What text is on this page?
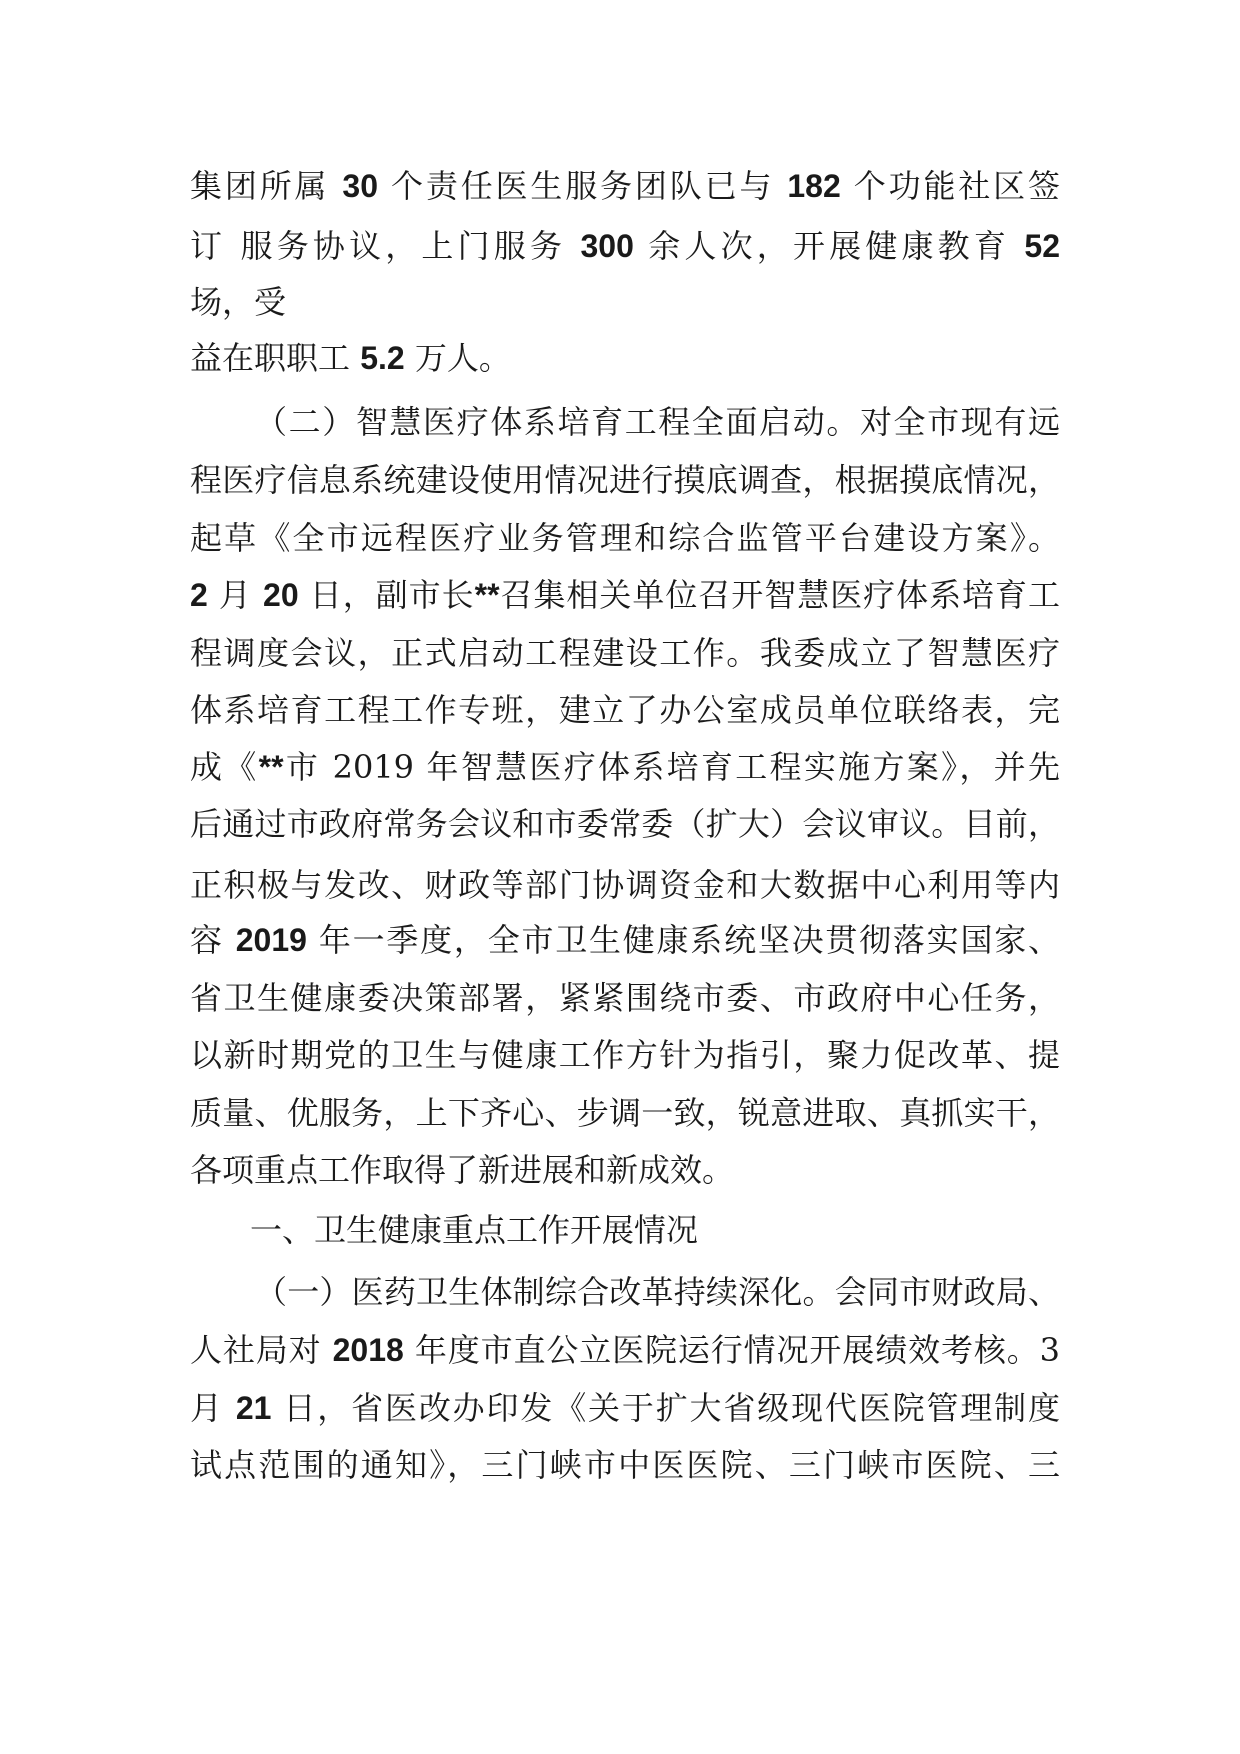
集团所属 30 个责任医生服务团队已与 182 个功能社区签
订 服务协议，上门服务 300 余人次，开展健康教育 52
场，受
益在职职工 5.2 万人。
（二）智慧医疗体系培育工程全面启动。对全市现有远
程医疗信息系统建设使用情况进行摸底调查，根据摸底情况，
起草《全市远程医疗业务管理和综合监管平台建设方案》。
2 月 20 日，副市长**召集相关单位召开智慧医疗体系培育工
程调度会议，正式启动工程建设工作。我委成立了智慧医疗
体系培育工程工作专班，建立了办公室成员单位联络表，完
成《**市 2019 年智慧医疗体系培育工程实施方案》，并先
后通过市政府常务会议和市委常委（扩大）会议审议。目前，
正积极与发改、财政等部门协调资金和大数据中心利用等内
容 2019 年一季度，全市卫生健康系统坚决贯彻落实国家、
省卫生健康委决策部署，紧紧围绕市委、市政府中心任务，
以新时期党的卫生与健康工作方针为指引，聚力促改革、提
质量、优服务，上下齐心、步调一致，锐意进取、真抓实干，
各项重点工作取得了新进展和新成效。
一、卫生健康重点工作开展情况
（一）医药卫生体制综合改革持续深化。会同市财政局、
人社局对 2018 年度市直公立医院运行情况开展绩效考核。3
月 21 日，省医改办印发《关于扩大省级现代医院管理制度
试点范围的通知》，三门峡市中医医院、三门峡市医院、三
